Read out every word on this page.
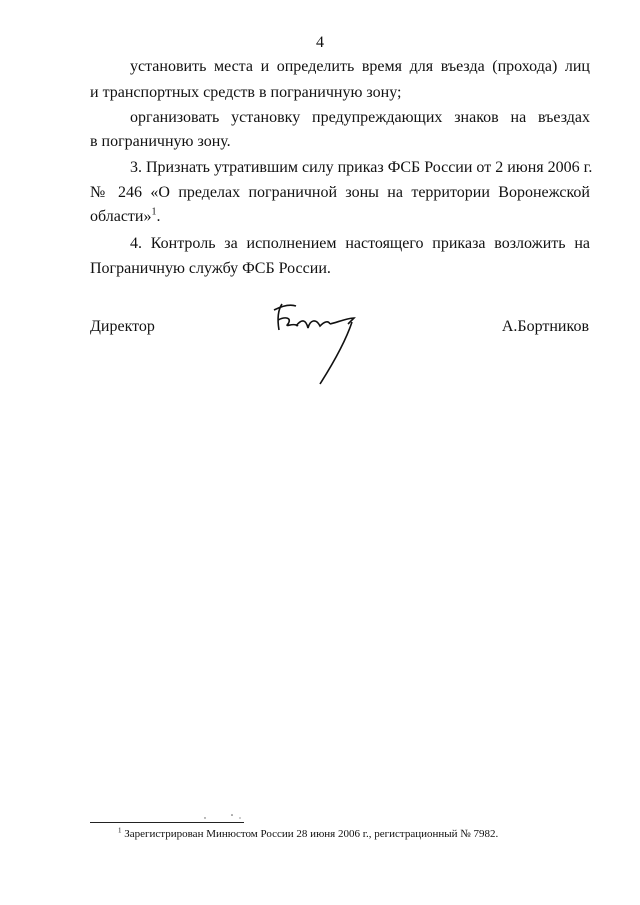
4
установить места и определить время для въезда (прохода) лиц
и транспортных средств в пограничную зону;
организовать установку предупреждающих знаков на въездах
в пограничную зону.
3. Признать утратившим силу приказ ФСБ России от 2 июня 2006 г.
№ 246 «О пределах пограничной зоны на территории Воронежской
области»$^1$.
4. Контроль за исполнением настоящего приказа возложить на
Пограничную службу ФСБ России.
Директор	А.Бортников
$^1$ Зарегистрирован Минюстом России 28 июня 2006 г., регистрационный № 7982.
